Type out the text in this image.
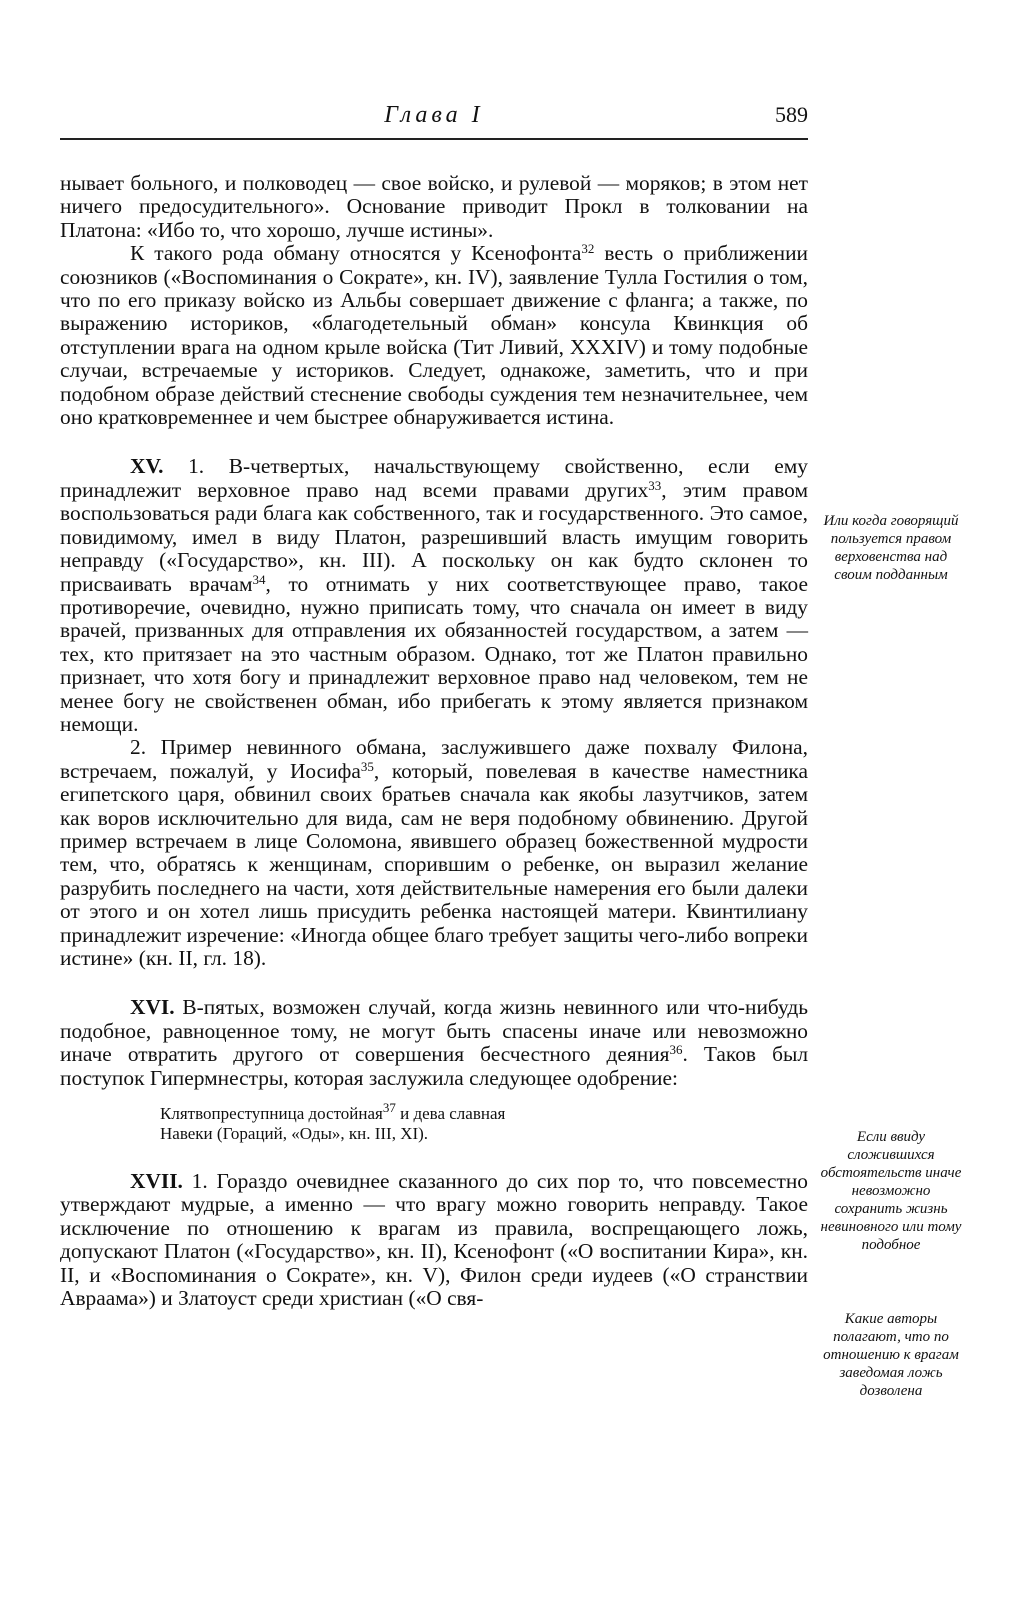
Глава I	589

нывает больного, и полководец — свое войско, и рулевой — моряков; в этом нет ничего предосудительного». Основание приводит Прокл в толковании на Платона: «Ибо то, что хорошо, лучше истины».

К такого рода обману относятся у Ксенофонта$^{32}$ весть о приближении союзников («Воспоминания о Сократе», кн. IV), заявление Тулла Гостилия о том, что по его приказу войско из Альбы совершает движение с фланга; а также, по выражению историков, «благодетельный обман» консула Квинкция об отступлении врага на одном крыле войска (Тит Ливий, XXXIV) и тому подобные случаи, встречаемые у историков. Следует, однакоже, заметить, что и при подобном образе действий стеснение свободы суждения тем незначительнее, чем оно кратковременнее и чем быстрее обнаруживается истина.

XV. 1. В-четвертых, начальствующему свойственно, если ему принадлежит верховное право над всеми правами других$^{33}$, этим правом воспользоваться ради блага как собственного, так и государственного. Это самое, повидимому, имел в виду Платон, разрешивший власть имущим говорить неправду («Государство», кн. III). А поскольку он как будто склонен то присваивать врачам$^{34}$, то отнимать у них соответствующее право, такое противоречие, очевидно, нужно приписать тому, что сначала он имеет в виду врачей, призванных для отправления их обязанностей государством, а затем — тех, кто притязает на это частным образом. Однако, тот же Платон правильно признает, что хотя богу и принадлежит верховное право над человеком, тем не менее богу не свойственен обман, ибо прибегать к этому является признаком немощи.

2. Пример невинного обмана, заслужившего даже похвалу Филона, встречаем, пожалуй, у Иосифа$^{35}$, который, повелевая в качестве наместника египетского царя, обвинил своих братьев сначала как якобы лазутчиков, затем как воров исключительно для вида, сам не веря подобному обвинению. Другой пример встречаем в лице Соломона, явившего образец божественной мудрости тем, что, обратясь к женщинам, спорившим о ребенке, он выразил желание разрубить последнего на части, хотя действительные намерения его были далеки от этого и он хотел лишь присудить ребенка настоящей матери. Квинтилиану принадлежит изречение: «Иногда общее благо требует защиты чего-либо вопреки истине» (кн. II, гл. 18).

XVI. В-пятых, возможен случай, когда жизнь невинного или что-нибудь подобное, равноценное тому, не могут быть спасены иначе или невозможно иначе отвратить другого от совершения бесчестного деяния$^{36}$. Таков был поступок Гипермнестры, которая заслужила следующее одобрение:

Клятвопреступница достойная$^{37}$ и дева славная
Навеки (Гораций, «Оды», кн. III, XI).

XVII. 1. Гораздо очевиднее сказанного до сих пор то, что повсеместно утверждают мудрые, а именно — что врагу можно говорить неправду. Такое исключение по отношению к врагам из правила, воспрещающего ложь, допускают Платон («Государство», кн. II), Ксенофонт («О воспитании Кира», кн. II, и «Воспоминания о Сократе», кн. V), Филон среди иудеев («О странствии Авраама») и Златоуст среди христиан («О свя-

Или когда говорящий пользуется правом верховенства над своим подданным
Если ввиду сложившихся обстоятельств иначе невозможно сохранить жизнь невиновного или тому подобное
Какие авторы полагают, что по отношению к врагам заведомая ложь дозволена
